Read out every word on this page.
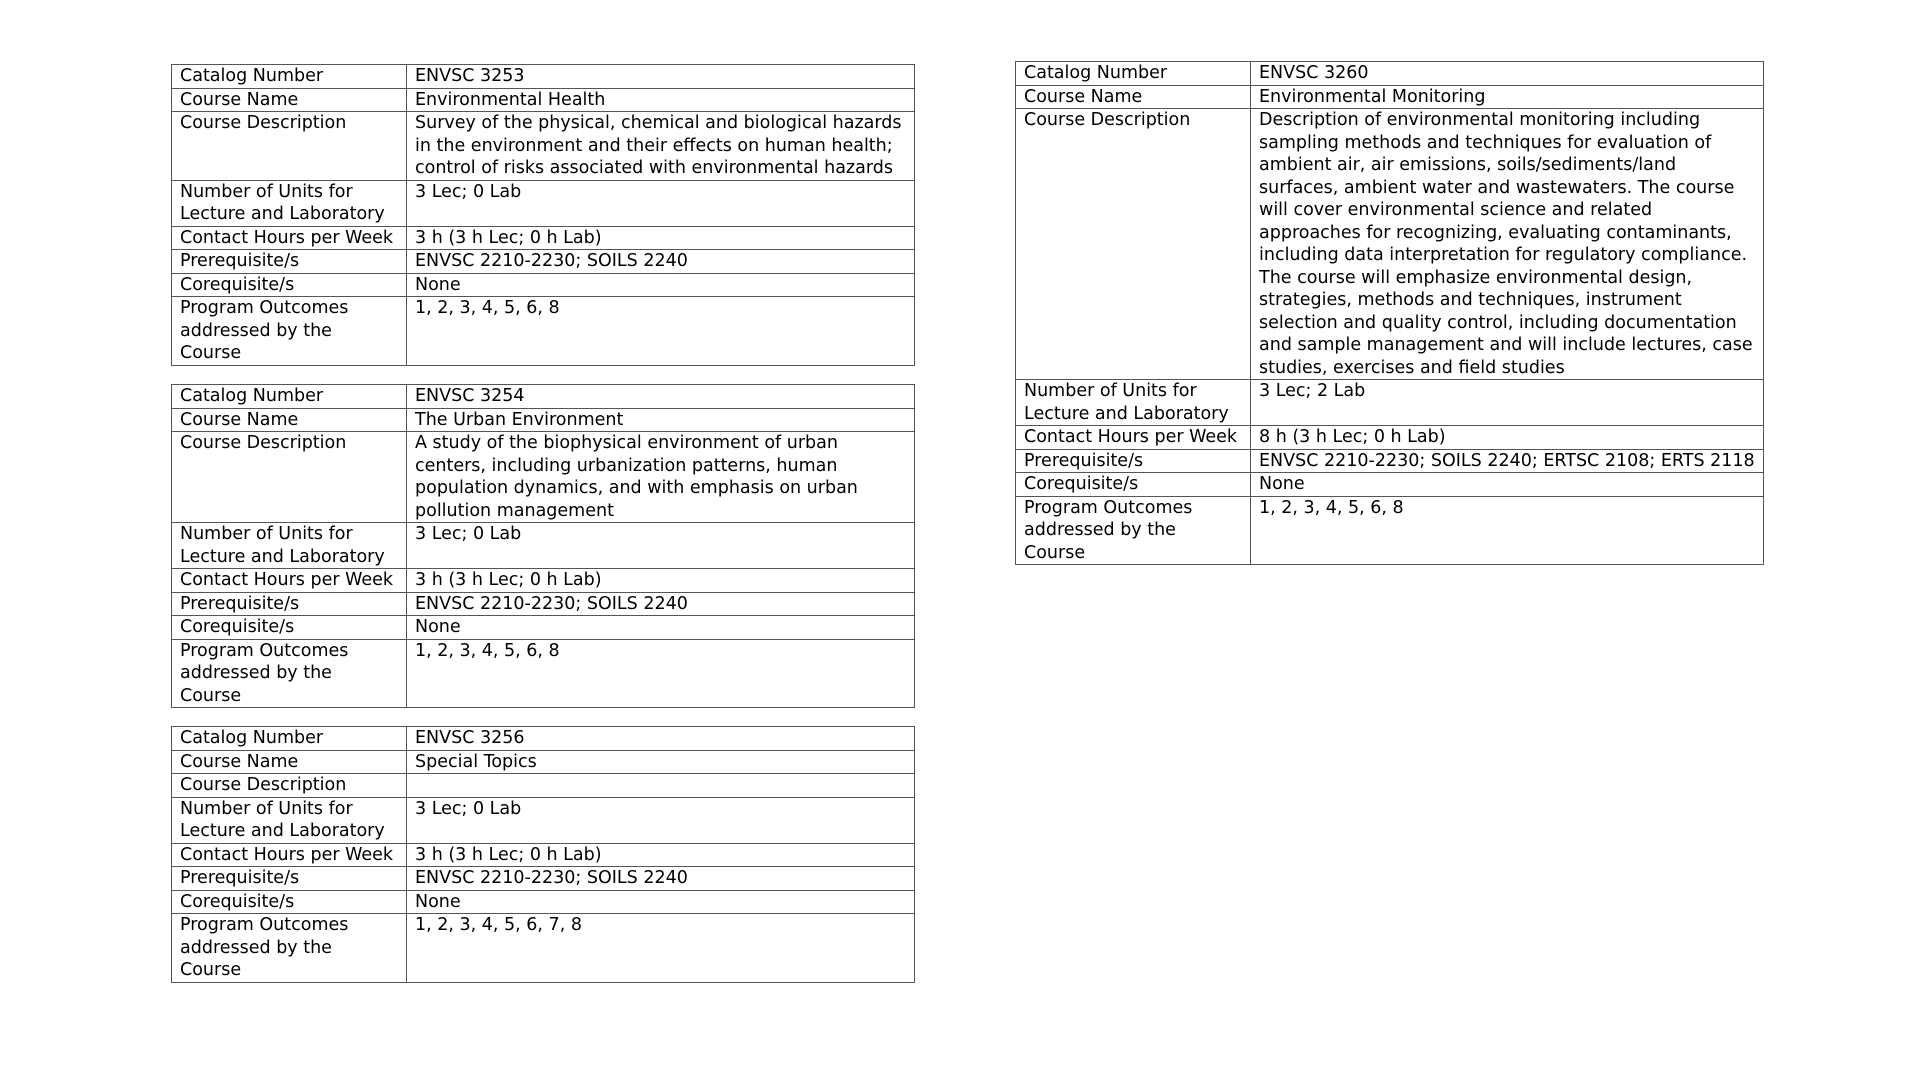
Catalog Number	ENVSC 3253
Course Name	Environmental Health
Course Description	Survey of the physical, chemical and biological hazards in the environment and their effects on human health; control of risks associated with environmental hazards
Number of Units for Lecture and Laboratory	3 Lec; 0 Lab
Contact Hours per Week	3 h (3 h Lec; 0 h Lab)
Prerequisite/s	ENVSC 2210-2230; SOILS 2240
Corequisite/s	None
Program Outcomes addressed by the Course	1, 2, 3, 4, 5, 6, 8
Catalog Number	ENVSC 3254
Course Name	The Urban Environment
Course Description	A study of the biophysical environment of urban centers, including urbanization patterns, human population dynamics, and with emphasis on urban pollution management
Number of Units for Lecture and Laboratory	3 Lec; 0 Lab
Contact Hours per Week	3 h (3 h Lec; 0 h Lab)
Prerequisite/s	ENVSC 2210-2230; SOILS 2240
Corequisite/s	None
Program Outcomes addressed by the Course	1, 2, 3, 4, 5, 6, 8
Catalog Number	ENVSC 3256
Course Name	Special Topics
Course Description	
Number of Units for Lecture and Laboratory	3 Lec; 0 Lab
Contact Hours per Week	3 h (3 h Lec; 0 h Lab)
Prerequisite/s	ENVSC 2210-2230; SOILS 2240
Corequisite/s	None
Program Outcomes addressed by the Course	1, 2, 3, 4, 5, 6, 7, 8
Catalog Number	ENVSC 3260
Course Name	Environmental Monitoring
Course Description	Description of environmental monitoring including sampling methods and techniques for evaluation of ambient air, air emissions, soils/sediments/land surfaces, ambient water and wastewaters. The course will cover environmental science and related approaches for recognizing, evaluating contaminants, including data interpretation for regulatory compliance. The course will emphasize environmental design, strategies, methods and techniques, instrument selection and quality control, including documentation and sample management and will include lectures, case studies, exercises and field studies
Number of Units for Lecture and Laboratory	3 Lec; 2 Lab
Contact Hours per Week	8 h (3 h Lec; 0 h Lab)
Prerequisite/s	ENVSC 2210-2230; SOILS 2240; ERTSC 2108; ERTS 2118
Corequisite/s	None
Program Outcomes addressed by the Course	1, 2, 3, 4, 5, 6, 8
